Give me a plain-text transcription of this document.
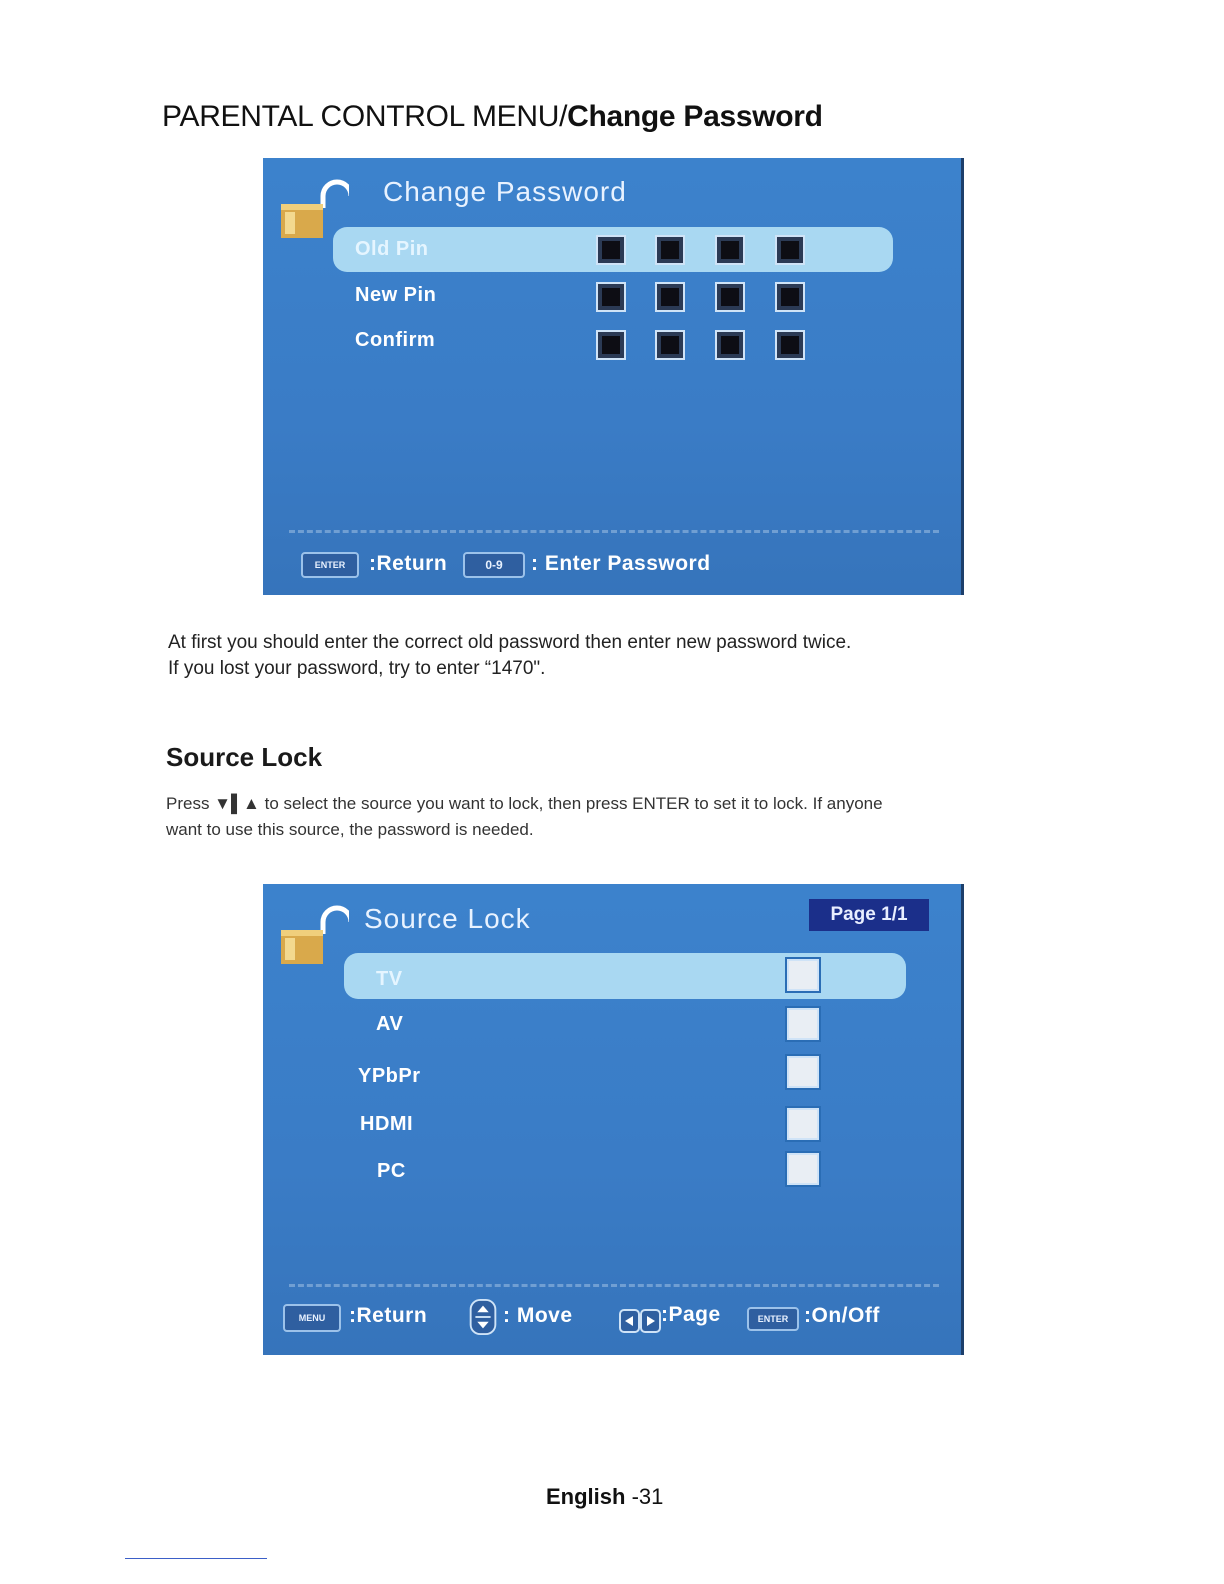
PARENTAL CONTROL MENU/Change Password
Change Password
Old Pin
New Pin
Confirm
ENTER	:Return	0-9	: Enter Password
At first you should enter the correct old password then enter new password twice.
If you lost your password, try to enter “1470".
Source Lock
Press ▼▌▲ to select the source you want to lock, then press ENTER to set it to lock. If anyone
want to use this source, the password is needed.
Source Lock	Page 1/1
TV
AV
YPbPr
HDMI
PC
MENU	:Return	: Move	:Page	ENTER :On/Off
English -31
